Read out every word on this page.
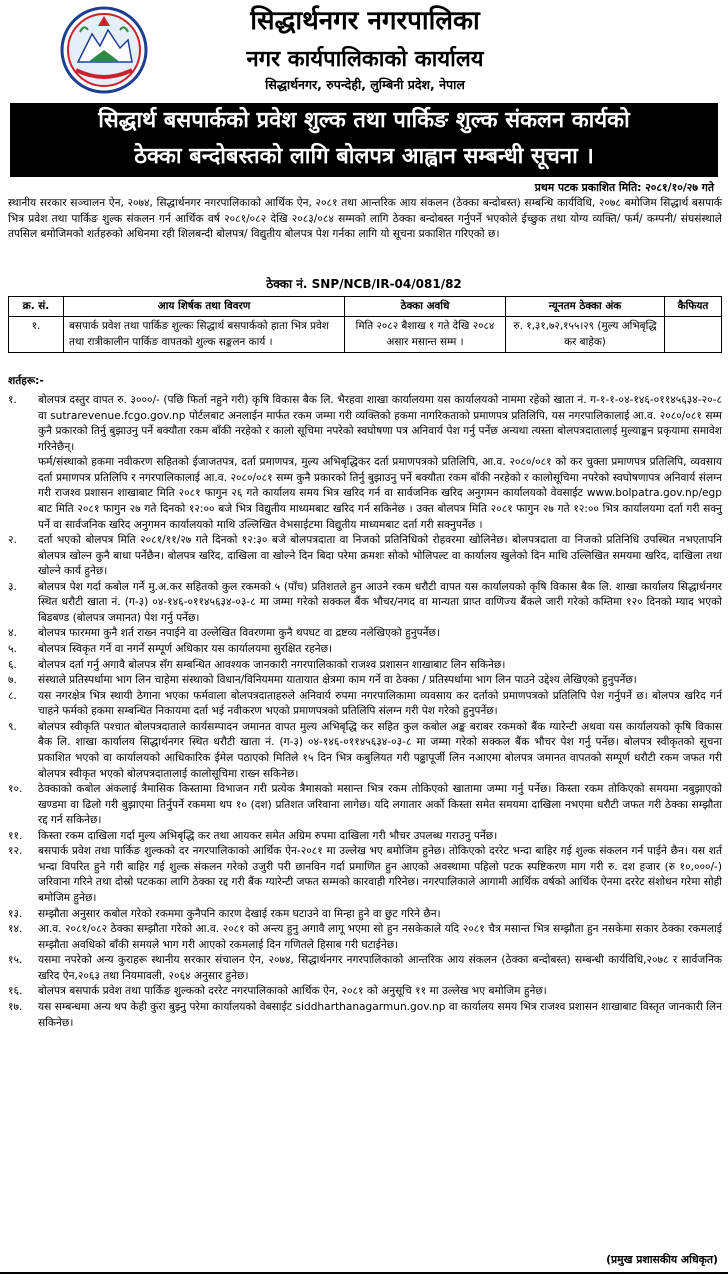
सिद्धार्थनगर नगरपालिका
नगर कार्यपालिकाको कार्यालय
सिद्धार्थनगर, रुपन्देही, लुम्बिनी प्रदेश, नेपाल
सिद्धार्थ बसपार्कको प्रवेश शुल्क तथा पार्किङ शुल्क संकलन कार्यको
ठेक्का बन्दोबस्तको लागि बोलपत्र आह्वान सम्बन्धी सूचना ।
प्रथम पटक प्रकाशित मिति: २०८१/१०/२७ गते
स्थानीय सरकार सञ्चालन ऐन, २०७४, सिद्धार्थनगर नगरपालिकाको आर्थिक ऐन, २०८१ तथा आन्तरिक आय संकलन (ठेक्का बन्दोबस्त) सम्बन्धि कार्यविधि, २०७८ बमोजिम सिद्धार्थ बसपार्क भित्र प्रवेश तथा पार्किङ शुल्क संकलन गर्न आर्थिक वर्ष २०८१/०८२ देखि २०८३/०८४ सम्मको लागि ठेक्का बन्दोबस्त गर्नुपर्ने भएकोले ईच्छुक तथा योग्य व्यक्ति/ फर्म/ कम्पनी/ संघसंस्थाले तपसिल बमोजिमको शर्तहरुको अधिनमा रही शिलबन्दी बोलपत्र/ विद्युतीय बोलपत्र पेश गर्नका लागि यो सूचना प्रकाशित गरिएको छ।
ठेक्का नं. SNP/NCB/IR-04/081/82
क्र. सं.	आय शिर्षक तथा विवरण	ठेक्का अवधि	न्यूनतम ठेक्का अंक	कैफियत
१.	बसपार्क प्रवेश तथा पार्किङ शुल्कः सिद्धार्थ बसपार्कको हाता भित्र प्रवेश तथा रात्रीकालीन पार्किङ वापतको शुल्क सङ्कलन कार्य ।	मिति २०८२ बैशाख १ गते देखि २०८४ असार मसान्त सम्म ।	रु. १,३१,७२,१५५।२९ (मुल्य अभिबृद्धि कर बाहेक)	
शर्तहरू:-
१.	बोलपत्र दस्तुर वापत रु. ३०००/- (पछि फिर्ता नहुने गरी) कृषि विकास बैक लि. भैरहवा शाखा कार्यालयमा यस कार्यालयको नाममा रहेको खाता नं. ग-१-१-०४-१४६-०११४५६३४-२०-८ वा sutrarevenue.fcgo.gov.np पोर्टलबाट अनलाईन मार्फत रकम जम्मा गरी व्यक्तिको हकमा नागरिकताको प्रमाणपत्र प्रतिलिपि, यस नगरपालिकालाई आ.व. २०८०/०८१ सम्म कुनै प्रकारको तिर्नु बुझाउनु पर्ने बक्यौता रकम बाँकी नरहेको र कालो सूचिमा नपरेको स्वघोषणा पत्र अनिवार्य पेश गर्नु पर्नेछ अन्यथा त्यस्ता बोलपत्रदातालाई मुल्याङ्कन प्रकृयामा समावेश गरिनेछैन्।
फर्म/संस्थाको हकमा नवीकरण सहितको ईजाजतपत्र, दर्ता प्रमाणपत्र, मुल्य अभिबृद्धिकर दर्ता प्रमाणपत्रको प्रतिलिपि, आ.व. २०८०/०८१ को कर चुक्ता प्रमाणपत्र प्रतिलिपि, व्यवसाय दर्ता प्रमाणपत्र प्रतिलिपि र नगरपालिकालाई आ.व. २०८०/०८१ सम्म कुनै प्रकारको तिर्नु बुझाउनु पर्ने बक्यौता रकम बाँकी नरहेको र कालोसूचिमा नपरेको स्वघोषणापत्र अनिवार्य संलग्न गरी राजश्व प्रशासन शाखाबाट मिति २०८१ फागुन २६ गते कार्यालय समय भित्र खरिद गर्न वा सार्वजनिक खरिद अनुगमन कार्यालयको वेवसाईट www.bolpatra.gov.np/egp बाट मिति २०८१ फागुन २७ गते दिनको १२:०० बजे भित्र विद्युतीय माध्यमबाट खरिद गर्न सकिनेछ । उक्त बोलपत्र मिति २०८१ फागुन २७ गते १२:०० भित्र कार्यालयमा दर्ता गरी सक्नु पर्ने वा सार्वजनिक खरिद अनुगमन कार्यालयको माथि उल्लिखित वेभसाईटमा विद्युतीय माध्यमबाट दर्ता गरी सक्नुपर्नेछ ।
२.	दर्ता भएको बोलपत्र मिति २०८१/११/२७ गते दिनको १२:३० बजे बोलपत्रदाता वा निजको प्रतिनिधिको रोहवरमा खोलिनेछ। बोलपत्रदाता वा निजको प्रतिनिधि उपस्थित नभएतापनि बोलपत्र खोल्न कुनै बाधा पर्नेछैन। बोलपत्र खरिद, दाखिला वा खोल्ने दिन बिदा परेमा क्रमशः सोको भोलिपल्ट वा कार्यालय खुलेको दिन माथि उल्लिखित समयमा खरिद, दाखिला तथा खोल्ने कार्य हुनेछ।
३.	बोलपत्र पेश गर्दा कबोल गर्ने मु.अ.कर सहितको कुल रकमको ५ (पाँच) प्रतिशतले हुन आउने रकम धरौटी वापत यस कार्यालयको कृषि विकास बैक लि. शाखा कार्यालय सिद्धार्थनगर स्थित धरौटी खाता नं. (ग-३) ०४-१४६-०११४५६३४-०३-८ मा जम्मा गरेको सक्कल बैंक भौचर/नगद वा मान्यता प्राप्त वाणिज्य बैंकले जारी गरेको कम्तिमा १२० दिनको म्याद भएको बिडबण्ड (बोलपत्र जमानत) पेश गर्नु पर्नेछ।
४.	बोलपत्र फारममा कुनै शर्त राख्न नपाईने वा उल्लेखित विवरणमा कुनै थपघट वा द्रष्टव्य नलेखिएको हुनुपर्नेछ।
५.	बोलपत्र स्विकृत गर्ने वा नगर्ने सम्पूर्ण अधिकार यस कार्यालयमा सुरक्षित रहनेछ।
६.	बोलपत्र दर्ता गर्नु अगावै बोलपत्र सँग सम्बन्धित आवश्यक जानकारी नगरपालिकाको राजश्व प्रशासन शाखाबाट लिन सकिनेछ।
७.	संस्थाले प्रतिस्पर्धामा भाग लिन चाहेमा संस्थाको विधान/विनियममा यातायात क्षेत्रमा काम गर्ने वा ठेक्का / प्रतिस्पर्धामा भाग लिन पाउने उद्देश्य लेखिएको हुनुपर्नेछ।
८.	यस नगरक्षेत्र भित्र स्थायी ठेगाना भएका फर्मवाला बोलपत्रदाताहरुले अनिवार्य रुपमा नगरपालिकामा व्यवसाय कर दर्ताको प्रमाणपत्रको प्रतिलिपि पेश गर्नुपर्ने छ। बोलपत्र खरिद गर्न चाहने फर्मको हकमा सम्बन्धित निकायमा दर्ता भई नवीकरण भएको प्रमाणपत्रको प्रतिलिपि संलग्न गरी पेश गरेको हुनुपर्नेछ।
९.	बोलपत्र स्वीकृति पश्चात बोलपत्रदाताले कार्यसम्पादन जमानत वापत मुल्य अभिबृद्धि कर सहित कुल कबोल अङ्क बराबर रकमको बैंक ग्यारेन्टी अथवा यस कार्यालयको कृषि विकास बैक लि. शाखा कार्यालय सिद्धार्थनगर स्थित धरौटी खाता नं. (ग-३) ०४-१४६-०११४५६३४-०३-८ मा जम्मा गरेको सक्कल बैंक भौचर पेश गर्नु पर्नेछ। बोलपत्र स्वीकृतको सूचना प्रकाशित भएको वा कार्यालयको आधिकारिक ईमेल पठाएको मितिले १५ दिन भित्र कबुलियत गरी पढ्ढापूर्जी लिन नआएमा बोलपत्र जमानत वापतको सम्पूर्ण धरौटी रकम जफत गरी बोलपत्र स्वीकृत भएको बोलपत्रदातालाई कालोसूचिमा राख्न सकिनेछ।
१०.	ठेक्काको कबोल अंकलाई त्रैमासिक किस्तामा विभाजन गरी प्रत्येक त्रैमासको मसान्त भित्र रकम तोकिएको खातामा जम्मा गर्नु पर्नेछ। किस्ता रकम तोकिएको समयमा नबुझाएको खण्डमा वा ढिलो गरी बुझाएमा तिर्नुपर्ने रकममा थप १० (दश) प्रतिशत जरिवाना लागेछ। यदि लगातार अर्को किस्ता समेत समयमा दाखिला नभएमा धरौटी जफत गरी ठेक्का सम्झौता रद्द गर्न सकिनेछ।
११.	किस्ता रकम दाखिला गर्दा मुल्य अभिबृद्धि कर तथा आयकर समेत अग्रिम रुपमा दाखिला गरी भौचर उपलब्ध गराउनु पर्नेछ।
१२.	बसपार्क प्रवेश तथा पार्किङ शुल्कको दर नगरपालिकाको आर्थिक ऐन-२०८१ मा उल्लेख भए बमोजिम हुनेछ। तोकिएको दररेट भन्दा बाहिर गई शुल्क संकलन गर्न पाईने छैन। यस शर्त भन्दा विपरित हुने गरी बाहिर गई शुल्क संकलन गरेको उजुरी परी छानविन गर्दा प्रमाणित हुन आएको अवस्थामा पहिलो पटक स्पष्टिकरण माग गरी रु. दश हजार (रु १०,०००/-) जरिवाना गरिने तथा दोस्रो पटकका लागि ठेक्का रद्द गरी बैंक ग्यारेन्टी जफत सम्मको कारवाही गरिनेछ। नगरपालिकाले आगामी आर्थिक वर्षको आर्थिक ऐनमा दररेट संशोधन गरेमा सोही बमोजिम हुनेछ।
१३.	सम्झौता अनुसार कबोल गरेको रकममा कुनैपनि कारण देखाई रकम घटाउने वा मिन्हा हुने वा छुट गरिने छैन।
१४.	आ.व. २०८१/०८२ ठेक्का सम्झौता गरेको आ.व. २०८१ को अन्त्य हुनु अगावै लागू भएमा सो हुन नसकेकाले यदि २०८१ चैत्र मसान्त भित्र सम्झौता हुन नसकेमा सकार ठेक्का रकमलाई सम्झौता अवधिको बाँकी समयले भाग गरी आएको रकमलाई दिन गणितले हिसाब गरी घटाईनेछ।
१५.	यसमा नपरेको अन्य कुराहरू स्थानीय सरकार संचालन ऐन, २०७४, सिद्धार्थनगर नगरपालिकाको आन्तरिक आय संकलन (ठेक्का बन्दोबस्त) सम्बन्धी कार्यविधि,२०७८ र सार्वजनिक खरिद ऐन,२०६३ तथा नियमावली, २०६४ अनुसार हुनेछ।
१६.	बोलपत्र बसपार्क प्रवेश तथा पार्किङ शुल्कको दररेट नगरपालिकाको आर्थिक ऐन, २०८१ को अनुसूचि ११ मा उल्लेख भए बमोजिम हुनेछ।
१७.	यस सम्बन्धमा अन्य थप केही कुरा बुझ्नु परेमा कार्यालयको वेबसाईट siddharthanagarmun.gov.np वा कार्यालय समय भित्र राजश्व प्रशासन शाखाबाट विस्तृत जानकारी लिन सकिनेछ।
(प्रमुख प्रशासकीय अधिकृत)
